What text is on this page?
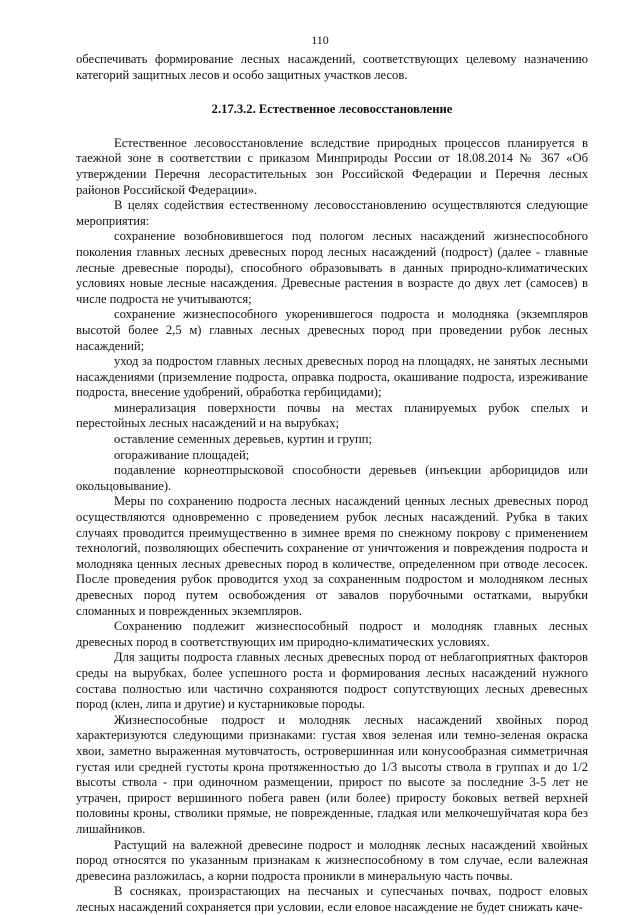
110

обеспечивать формирование лесных насаждений, соответствующих целевому назначению категорий защитных лесов и особо защитных участков лесов.

2.17.3.2. Естественное лесовосстановление

Естественное лесовосстановление вследствие природных процессов планируется в таежной зоне в соответствии с приказом Минприроды России от 18.08.2014 № 367 «Об утверждении Перечня лесорастительных зон Российской Федерации и Перечня лесных районов Российской Федерации».

В целях содействия естественному лесовосстановлению осуществляются следующие мероприятия:

сохранение возобновившегося под пологом лесных насаждений жизнеспособного поколения главных лесных древесных пород лесных насаждений (подрост) (далее - главные лесные древесные породы), способного образовывать в данных природно-климатических условиях новые лесные насаждения. Древесные растения в возрасте до двух лет (самосев) в числе подроста не учитываются;

сохранение жизнеспособного укоренившегося подроста и молодняка (экземпляров высотой более 2,5 м) главных лесных древесных пород при проведении рубок лесных насаждений;

уход за подростом главных лесных древесных пород на площадях, не занятых лесными насаждениями (приземление подроста, оправка подроста, окашивание подроста, изреживание подроста, внесение удобрений, обработка гербицидами);

минерализация поверхности почвы на местах планируемых рубок спелых и перестойных лесных насаждений и на вырубках;

оставление семенных деревьев, куртин и групп;

огораживание площадей;

подавление корнеотпрысковой способности деревьев (инъекции арборицидов или окольцовывание).

Меры по сохранению подроста лесных насаждений ценных лесных древесных пород осуществляются одновременно с проведением рубок лесных насаждений. Рубка в таких случаях проводится преимущественно в зимнее время по снежному покрову с применением технологий, позволяющих обеспечить сохранение от уничтожения и повреждения подроста и молодняка ценных лесных древесных пород в количестве, определенном при отводе лесосек. После проведения рубок проводится уход за сохраненным подростом и молодняком лесных древесных пород путем освобождения от завалов порубочными остатками, вырубки сломанных и поврежденных экземпляров.

Сохранению подлежит жизнеспособный подрост и молодняк главных лесных древесных пород в соответствующих им природно-климатических условиях.

Для защиты подроста главных лесных древесных пород от неблагоприятных факторов среды на вырубках, более успешного роста и формирования лесных насаждений нужного состава полностью или частично сохраняются подрост сопутствующих лесных древесных пород (клен, липа и другие) и кустарниковые породы.

Жизнеспособные подрост и молодняк лесных насаждений хвойных пород характеризуются следующими признаками: густая хвоя зеленая или темно-зеленая окраска хвои, заметно выраженная мутовчатость, островершинная или конусообразная симметричная густая или средней густоты крона протяженностью до 1/3 высоты ствола в группах и до 1/2 высоты ствола - при одиночном размещении, прирост по высоте за последние 3-5 лет не утрачен, прирост вершинного побега равен (или более) приросту боковых ветвей верхней половины кроны, стволики прямые, не поврежденные, гладкая или мелкочешуйчатая кора без лишайников.

Растущий на валежной древесине подрост и молодняк лесных насаждений хвойных пород относятся по указанным признакам к жизнеспособному в том случае, если валежная древесина разложилась, а корни подроста проникли в минеральную часть почвы.

В сосняках, произрастающих на песчаных и супесчаных почвах, подрост еловых лесных насаждений сохраняется при условии, если еловое насаждение не будет снижать каче-
